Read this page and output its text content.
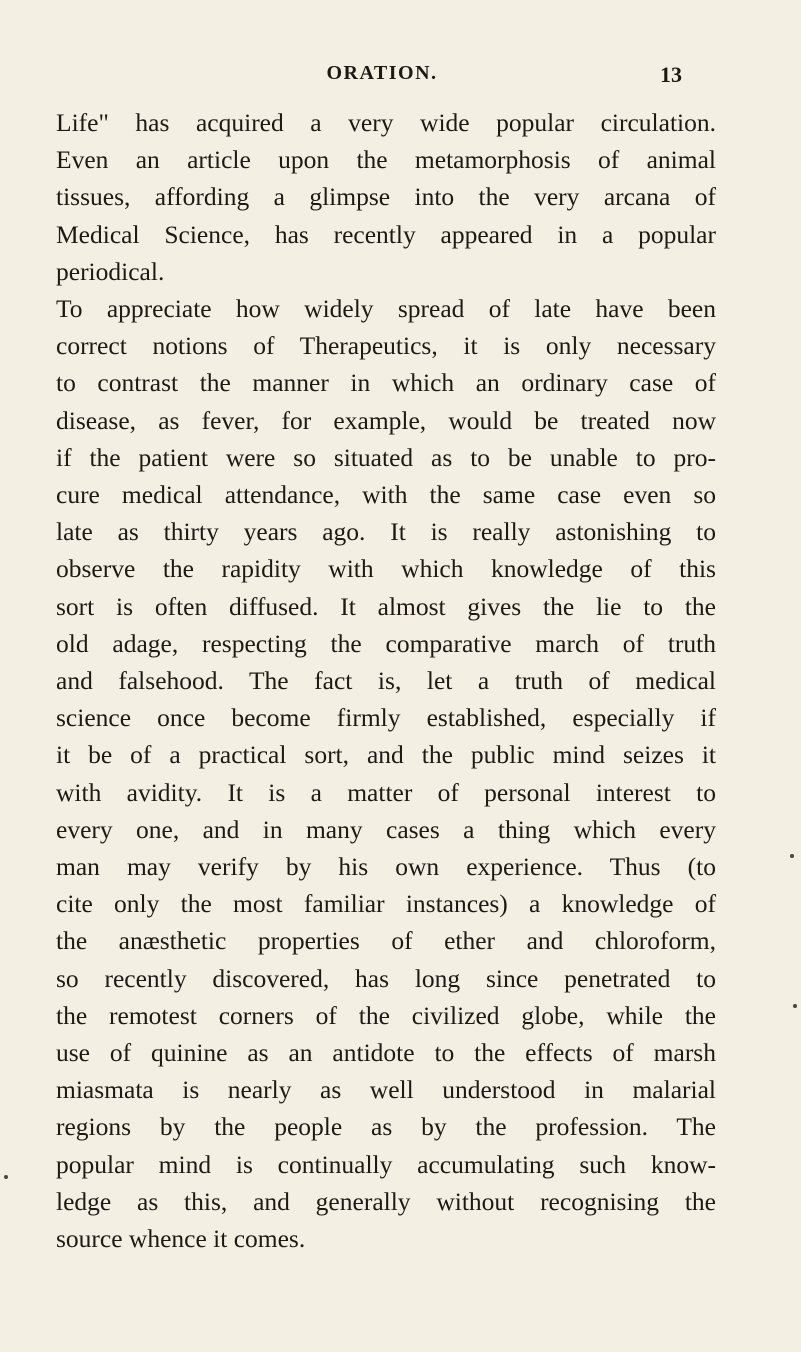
ORATION.	13
Life" has acquired a very wide popular circulation.
Even an article upon the metamorphosis of animal
tissues, affording a glimpse into the very arcana of
Medical Science, has recently appeared in a popular
periodical.
To appreciate how widely spread of late have been
correct notions of Therapeutics, it is only necessary
to contrast the manner in which an ordinary case of
disease, as fever, for example, would be treated now
if the patient were so situated as to be unable to pro-
cure medical attendance, with the same case even so
late as thirty years ago. It is really astonishing to
observe the rapidity with which knowledge of this
sort is often diffused. It almost gives the lie to the
old adage, respecting the comparative march of truth
and falsehood. The fact is, let a truth of medical
science once become firmly established, especially if
it be of a practical sort, and the public mind seizes it
with avidity. It is a matter of personal interest to
every one, and in many cases a thing which every
man may verify by his own experience. Thus (to
cite only the most familiar instances) a knowledge of
the anæsthetic properties of ether and chloroform,
so recently discovered, has long since penetrated to
the remotest corners of the civilized globe, while the
use of quinine as an antidote to the effects of marsh
miasmata is nearly as well understood in malarial
regions by the people as by the profession. The
popular mind is continually accumulating such know-
ledge as this, and generally without recognising the
source whence it comes.
